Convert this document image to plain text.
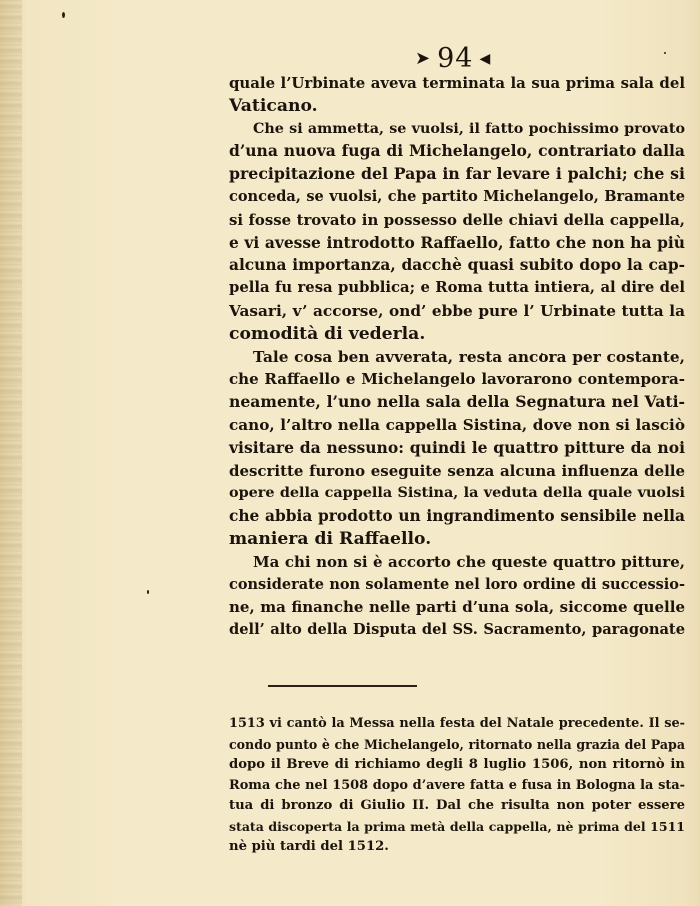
➤ 94 ◀
quale l’Urbinate aveva terminata la sua prima sala del
Vaticano.
Che si ammetta, se vuolsi, il fatto pochissimo provato
d’una nuova fuga di Michelangelo, contrariato dalla
precipitazione del Papa in far levare i palchi; che si
conceda, se vuolsi, che partito Michelangelo, Bramante
si fosse trovato in possesso delle chiavi della cappella,
e vi avesse introdotto Raffaello, fatto che non ha più
alcuna importanza, dacchè quasi subito dopo la cap-
pella fu resa pubblica; e Roma tutta intiera, al dire del
Vasari, v’ accorse, ond’ ebbe pure l’ Urbinate tutta la
comodità di vederla.
Tale cosa ben avverata, resta ancora per costante,
che Raffaello e Michelangelo lavorarono contempora-
neamente, l’uno nella sala della Segnatura nel Vati-
cano, l’altro nella cappella Sistina, dove non si lasciò
visitare da nessuno: quindi le quattro pitture da noi
descritte furono eseguite senza alcuna influenza delle
opere della cappella Sistina, la veduta della quale vuolsi
che abbia prodotto un ingrandimento sensibile nella
maniera di Raffaello.
Ma chi non si è accorto che queste quattro pitture,
considerate non solamente nel loro ordine di successio-
ne, ma finanche nelle parti d’una sola, siccome quelle
dell’ alto della Disputa del SS. Sacramento, paragonate
1513 vi cantò la Messa nella festa del Natale precedente. Il se-
condo punto è che Michelangelo, ritornato nella grazia del Papa
dopo il Breve di richiamo degli 8 luglio 1506, non ritornò in
Roma che nel 1508 dopo d’avere fatta e fusa in Bologna la sta-
tua di bronzo di Giulio II. Dal che risulta non poter essere
stata discoperta la prima metà della cappella, nè prima del 1511
nè più tardi del 1512.
